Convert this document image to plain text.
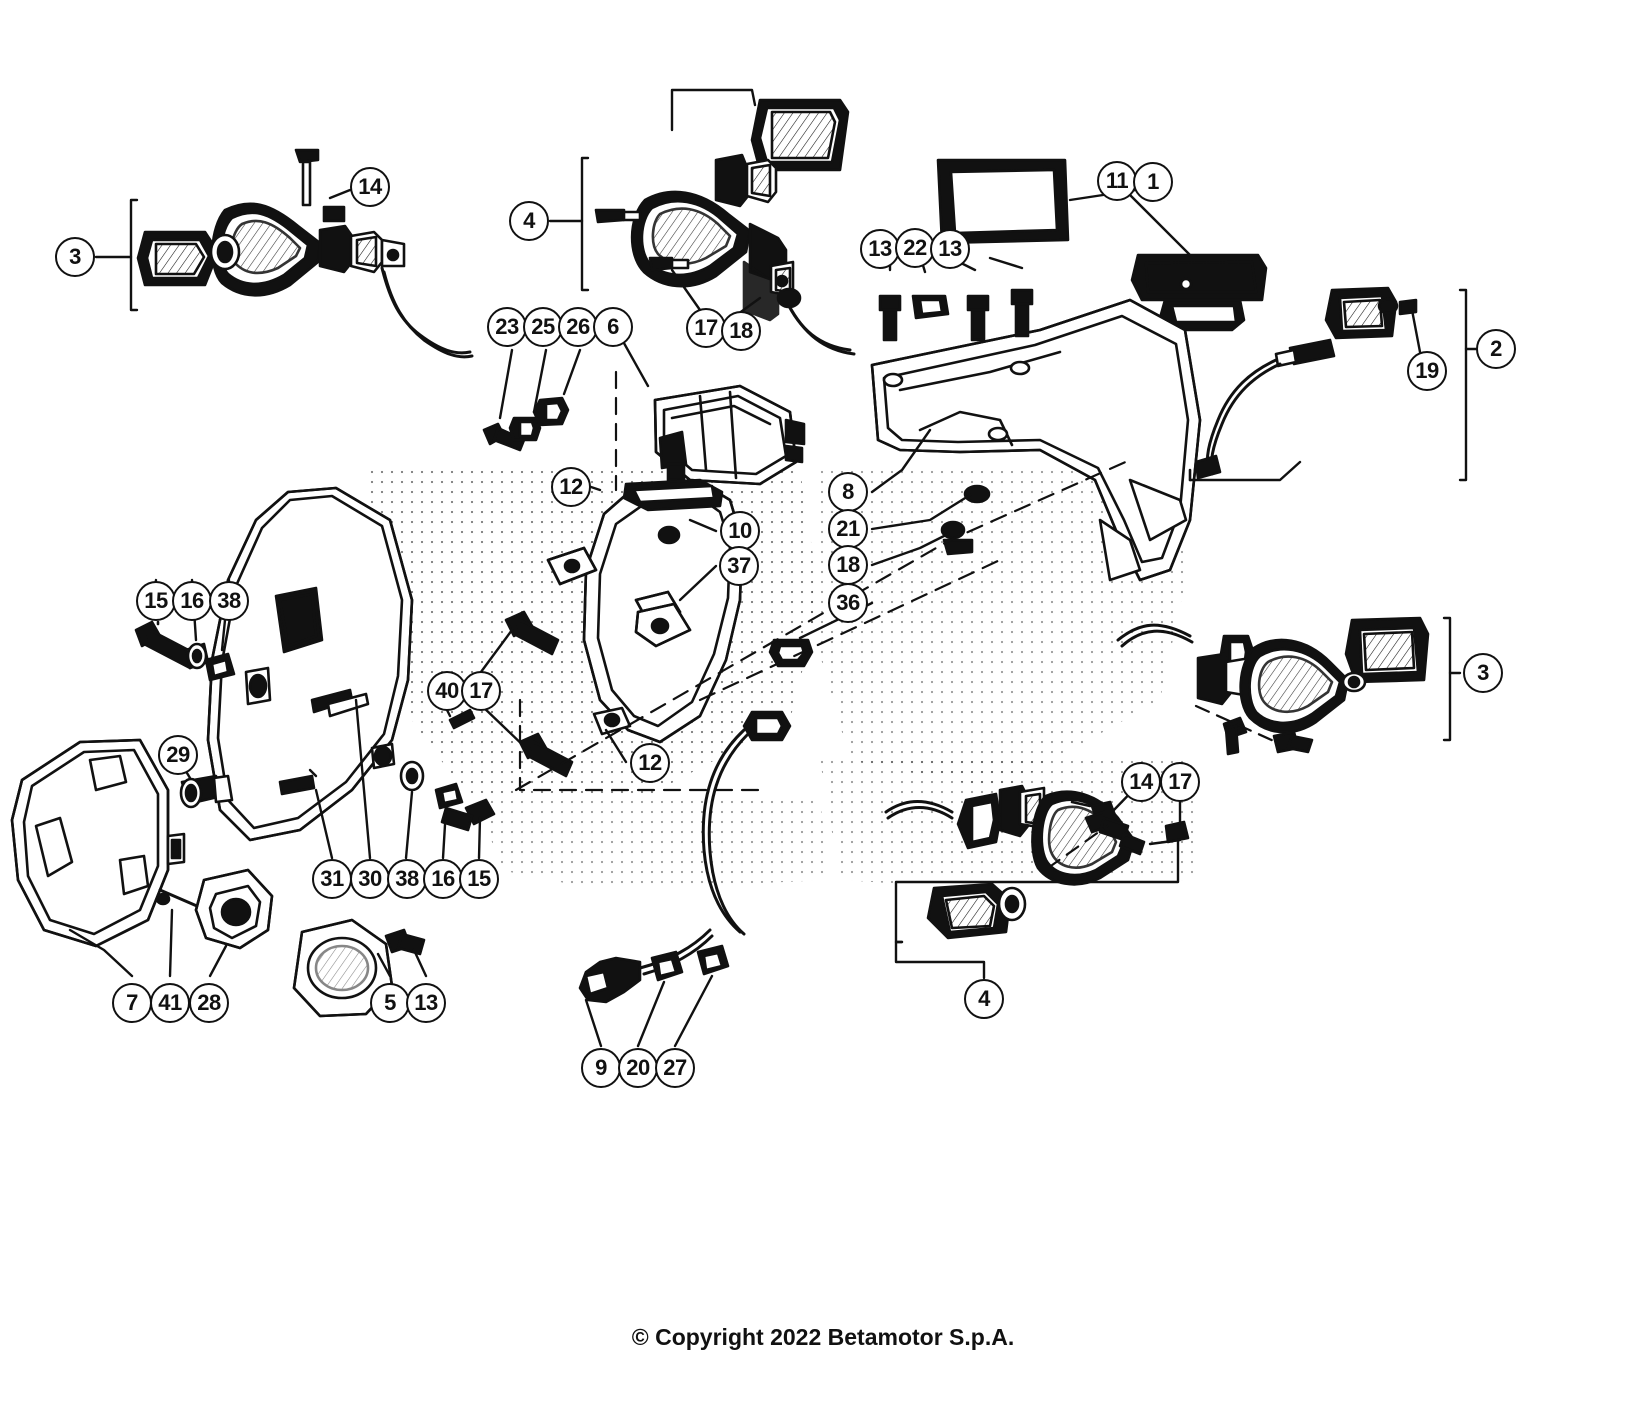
© Copyright 2022 Betamotor S.p.A.
14
3
4
17 18
13 22 13
11 1
2
19
23 25 26 6
12
10
37
8
21
18
36
15 16 38
40 17
12
3
14 17
29
31 30 38 16 15
7 41 28	5 13
9 20 27
4
